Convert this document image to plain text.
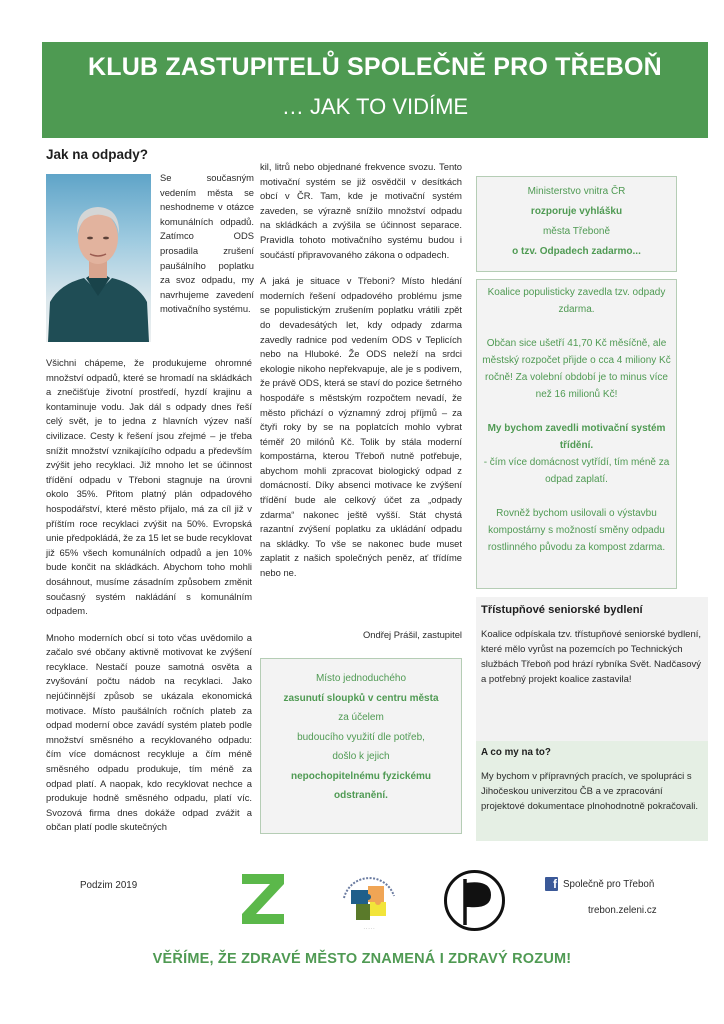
KLUB ZASTUPITELŮ SPOLEČNĚ PRO TŘEBOŇ
… JAK TO VIDÍME
Jak na odpady?
Se současným vedením města se neshodneme v otázce komunálních odpadů. Zatímco ODS prosadila zrušení paušálního poplatku za svoz odpadu, my navrhujeme zavedení motivačního systému.

Všichni chápeme, že produkujeme ohromné množství odpadů, které se hromadí na skládkách a znečišťuje životní prostředí, hyzdí krajinu a kontaminuje vodu. Jak dál s odpady dnes řeší celý svět, je to jedna z hlavních výzev naší civilizace. Cesty k řešení jsou zřejmé – je třeba snížit množství vznikajícího odpadu a především zvýšit jeho recyklaci. Již mnoho let se účinnost třídění odpadu v Třeboni stagnuje na úrovni okolo 35%. Přitom platný plán odpadového hospodářství, které město přijalo, má za cíl již v příštím roce recyklaci zvýšit na 50%. Evropská unie předpokládá, že za 15 let se bude recyklovat již 65% všech komunálních odpadů a jen 10% bude končit na skládkách. Abychom toho mohli dosáhnout, musíme zásadním způsobem změnit současný systém nakládání s komunálním odpadem.

Mnoho moderních obcí si toto včas uvědomilo a začalo své občany aktivně motivovat ke zvýšení recyklace. Nestačí pouze samotná osvěta a zvyšování počtu nádob na recyklaci. Jako nejúčinnější způsob se ukázala ekonomická motivace. Místo paušálních ročních plateb za odpad moderní obce zavádí systém plateb podle množství směsného a recyklovaného odpadu: čím více domácnost recykluje a čím méně směsného odpadu produkuje, tím méně za odpad platí. A naopak, kdo recyklovat nechce a produkuje hodně směsného odpadu, platí víc. Svozová firma dnes dokáže odpad zvážit a občan platí podle skutečných

kil, litrů nebo objednané frekvence svozu. Tento motivační systém se již osvědčil v desítkách obcí v ČR. Tam, kde je motivační systém zaveden, se výrazně snížilo množství odpadu na skládkách a zvýšila se účinnost separace. Pravidla tohoto motivačního systému budou i součástí připravovaného zákona o odpadech.

A jaká je situace v Třeboni? Místo hledání moderních řešení odpadového problému jsme se populistickým zrušením poplatku vrátili zpět do devadesátých let, kdy odpady zdarma zavedly radnice pod vedením ODS v Teplicích nebo na Hluboké. Že ODS neleží na srdci ekologie nikoho nepřekvapuje, ale je s podivem, že právě ODS, která se staví do pozice šetrného hospodáře s městským rozpočtem nevadí, že město přichází o významný zdroj příjmů – za čtyři roky by se na poplatcích mohlo vybrat téměř 20 milónů Kč. Tolik by stála moderní kompostárna, kterou Třeboň nutně potřebuje, abychom mohli zpracovat biologický odpad z domácností. Díky absenci motivace ke zvýšení třídění bude ale celkový účet za „odpady zdarma“ nakonec ještě vyšší. Stát chystá razantní zvýšení poplatku za ukládání odpadu na skládky. To vše se nakonec bude muset zaplatit z našich společných peněz, ať třídíme nebo ne.

Ondřej Prášil, zastupitel
Místo jednoduchého
zasunutí sloupků v centru města
za účelem
budoucího využití dle potřeb,
došlo k jejich
nepochopitelnému fyzickému
odstranění.
Ministerstvo vnitra ČR
rozporuje vyhlášku
města Třeboně
o tzv. Odpadech zadarmo...
Koalice populisticky zavedla tzv. odpady zdarma.
Občan sice ušetří 41,70 Kč měsíčně, ale městský rozpočet přijde o cca 4 miliony Kč ročně! Za volební období je to minus více než 16 milionů Kč!
My bychom zavedli motivační systém třídění.
- čím více domácnost vytřídí, tím méně za odpad zaplatí.
Rovněž bychom usilovali o výstavbu kompostárny s možností směny odpadu rostlinného původu za kompost zdarma.
Třístupňové seniorské bydlení
Koalice odpískala tzv. třístupňové seniorské bydlení, které mělo vyrůst na pozemcích po Technických službách Třeboň pod hrází rybníka Svět. Nadčasový a potřebný projekt koalice zastavila!
A co my na to?
My bychom v přípravných pracích, ve spolupráci s Jihočeskou univerzitou ČB a ve zpracování projektové dokumentace plnohodnotně pokračovali.
Podzim 2019
· · · · ·
f Společně pro Třeboň
trebon.zeleni.cz
VĚŘÍME, ŽE ZDRAVÉ MĚSTO ZNAMENÁ I ZDRAVÝ ROZUM!
